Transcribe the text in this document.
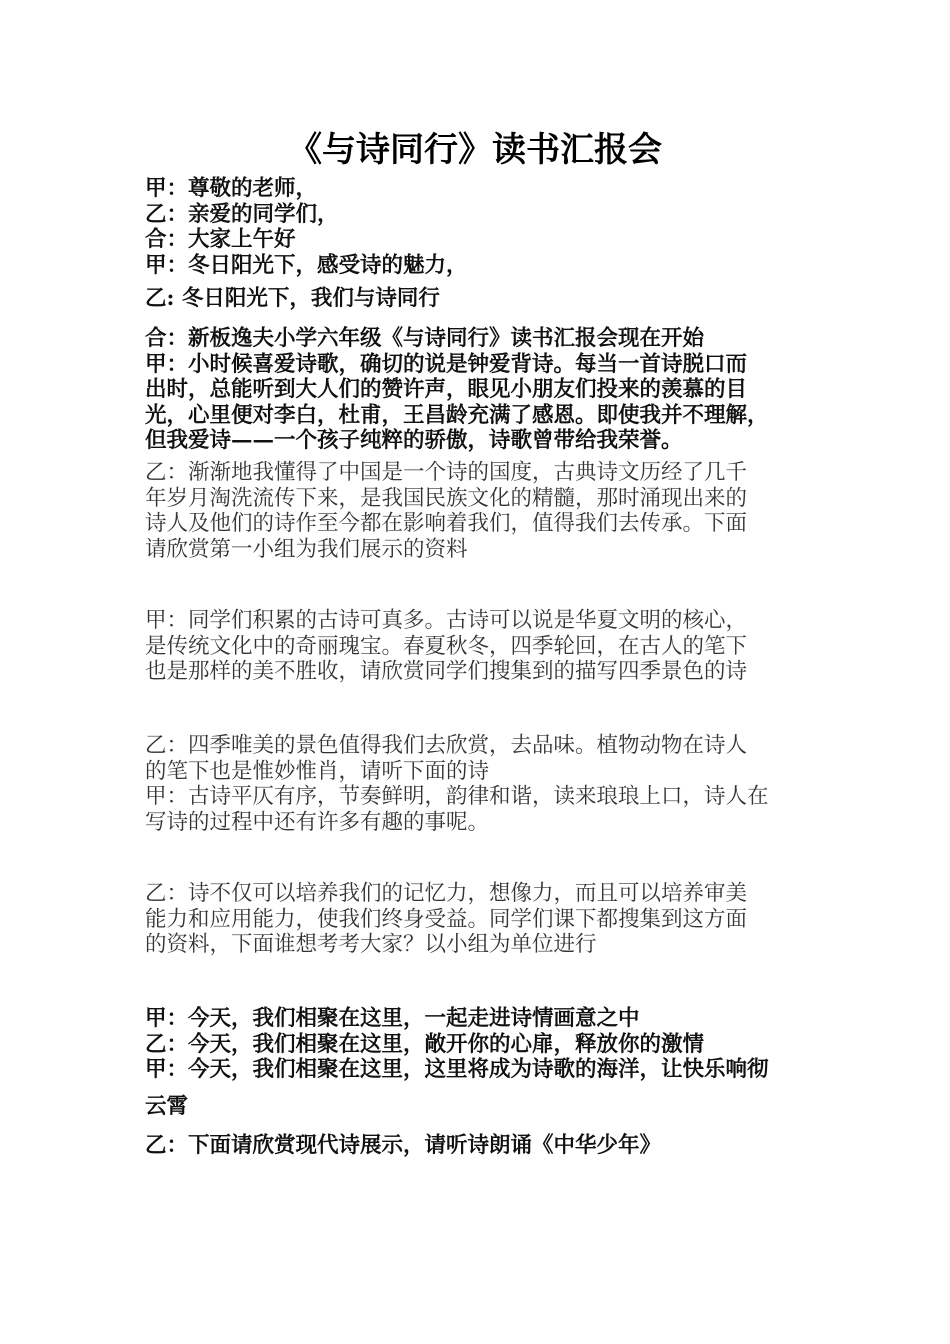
《与诗同行》读书汇报会
甲：尊敬的老师，
乙：亲爱的同学们，
合：大家上午好
甲：冬日阳光下，感受诗的魅力，
乙: 冬日阳光下，我们与诗同行
合：新板逸夫小学六年级《与诗同行》读书汇报会现在开始
甲：小时候喜爱诗歌，确切的说是钟爱背诗。每当一首诗脱口而
出时，总能听到大人们的赞许声，眼见小朋友们投来的羡慕的目
光，心里便对李白，杜甫，王昌龄充满了感恩。即使我并不理解，
但我爱诗——一个孩子纯粹的骄傲，诗歌曾带给我荣誉。
乙：渐渐地我懂得了中国是一个诗的国度，古典诗文历经了几千
年岁月淘洗流传下来，是我国民族文化的精髓，那时涌现出来的
诗人及他们的诗作至今都在影响着我们，值得我们去传承。下面
请欣赏第一小组为我们展示的资料
甲：同学们积累的古诗可真多。古诗可以说是华夏文明的核心，
是传统文化中的奇丽瑰宝。春夏秋冬，四季轮回，在古人的笔下
也是那样的美不胜收，请欣赏同学们搜集到的描写四季景色的诗
乙：四季唯美的景色值得我们去欣赏，去品味。植物动物在诗人
的笔下也是惟妙惟肖，请听下面的诗
甲：古诗平仄有序，节奏鲜明，韵律和谐，读来琅琅上口，诗人在
写诗的过程中还有许多有趣的事呢。
乙：诗不仅可以培养我们的记忆力，想像力，而且可以培养审美
能力和应用能力，使我们终身受益。同学们课下都搜集到这方面
的资料，下面谁想考考大家？以小组为单位进行
甲：今天，我们相聚在这里，一起走进诗情画意之中
乙：今天，我们相聚在这里，敞开你的心扉，释放你的激情
甲：今天，我们相聚在这里，这里将成为诗歌的海洋，让快乐响彻
云霄
乙：下面请欣赏现代诗展示，请听诗朗诵《中华少年》
